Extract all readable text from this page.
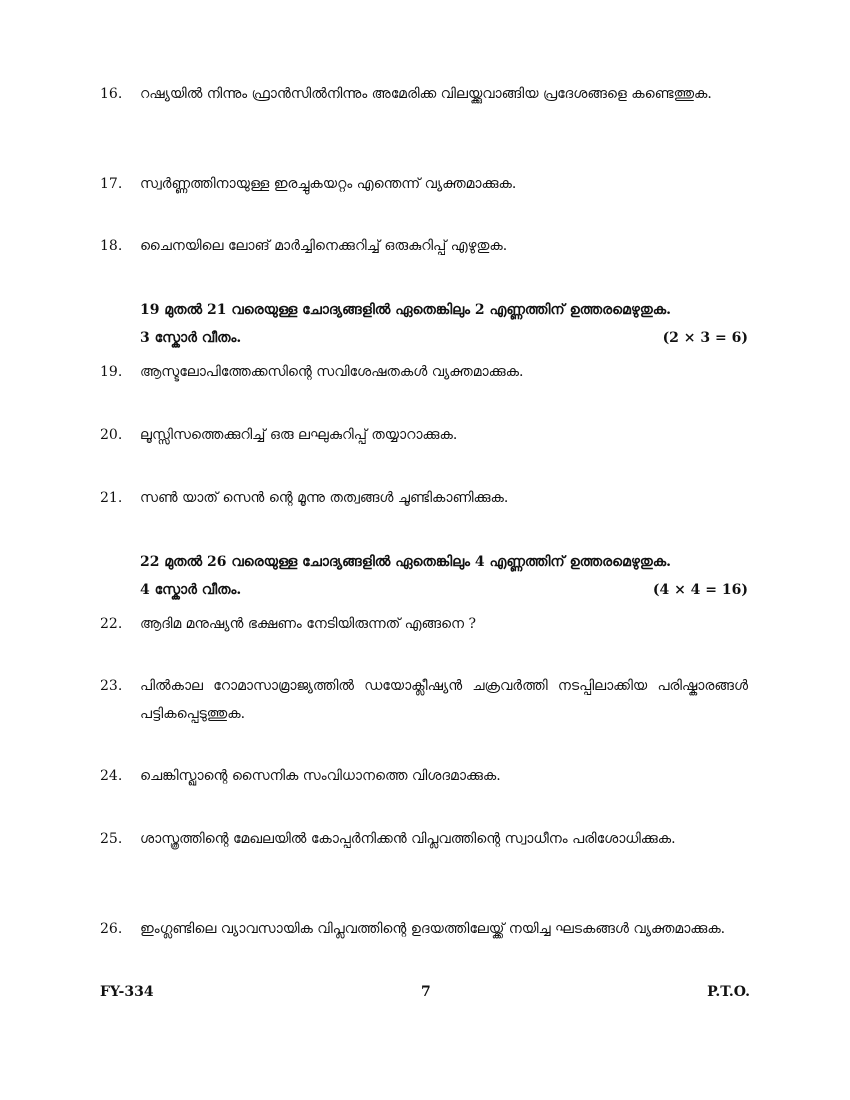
16.	റഷ്യയിൽ നിന്നും ഫ്രാൻസിൽനിന്നും അമേരിക്ക വിലയ്ക്കുവാങ്ങിയ പ്രദേശങ്ങളെ കണ്ടെത്തുക.
17.	സ്വർണ്ണത്തിനായുള്ള ഇരച്ചുകയറ്റം എന്തെന്ന് വ്യക്തമാക്കുക.
18.	ചൈനയിലെ ലോങ് മാർച്ചിനെക്കുറിച്ച് ഒരുകുറിപ്പ് എഴുതുക.
19 മുതൽ 21 വരെയുള്ള ചോദ്യങ്ങളിൽ ഏതെങ്കിലും 2 എണ്ണത്തിന് ഉത്തരമെഴുതുക.
3 സ്കോർ വീതം.	(2 × 3 = 6)
19.	ആസ്ടലോപിത്തേക്കസിന്റെ സവിശേഷതകൾ വ്യക്തമാക്കുക.
20.	ലൂസ്സിസത്തെക്കുറിച്ച് ഒരു ലഘുകുറിപ്പ് തയ്യാറാക്കുക.
21.	സൺ യാത് സെൻ ന്റെ മൂന്നു തത്വങ്ങൾ ചൂണ്ടികാണിക്കുക.
22 മുതൽ 26 വരെയുള്ള ചോദ്യങ്ങളിൽ ഏതെങ്കിലും 4 എണ്ണത്തിന് ഉത്തരമെഴുതുക.
4 സ്കോർ വീതം.	(4 × 4 = 16)
22.	ആദിമ മനുഷ്യൻ ഭക്ഷണം നേടിയിരുന്നത് എങ്ങനെ ?
23.	പിൽകാല റോമാസാമ്രാജ്യത്തിൽ ഡയോക്ലീഷ്യൻ ചക്രവർത്തി നടപ്പിലാക്കിയ പരിഷ്കാരങ്ങൾ പട്ടികപ്പെടുത്തുക.
24.	ചെങ്കിസ്ഖാന്റെ സൈനിക സംവിധാനത്തെ വിശദമാക്കുക.
25.	ശാസ്ത്രത്തിന്റെ മേഖലയിൽ കോപ്പർനിക്കൻ വിപ്ലവത്തിന്റെ സ്വാധീനം പരിശോധിക്കുക.
26.	ഇംഗ്ലണ്ടിലെ വ്യാവസായിക വിപ്ലവത്തിന്റെ ഉദയത്തിലേയ്ക്ക് നയിച്ച ഘടകങ്ങൾ വ്യക്തമാക്കുക.
FY-334	7	P.T.O.
